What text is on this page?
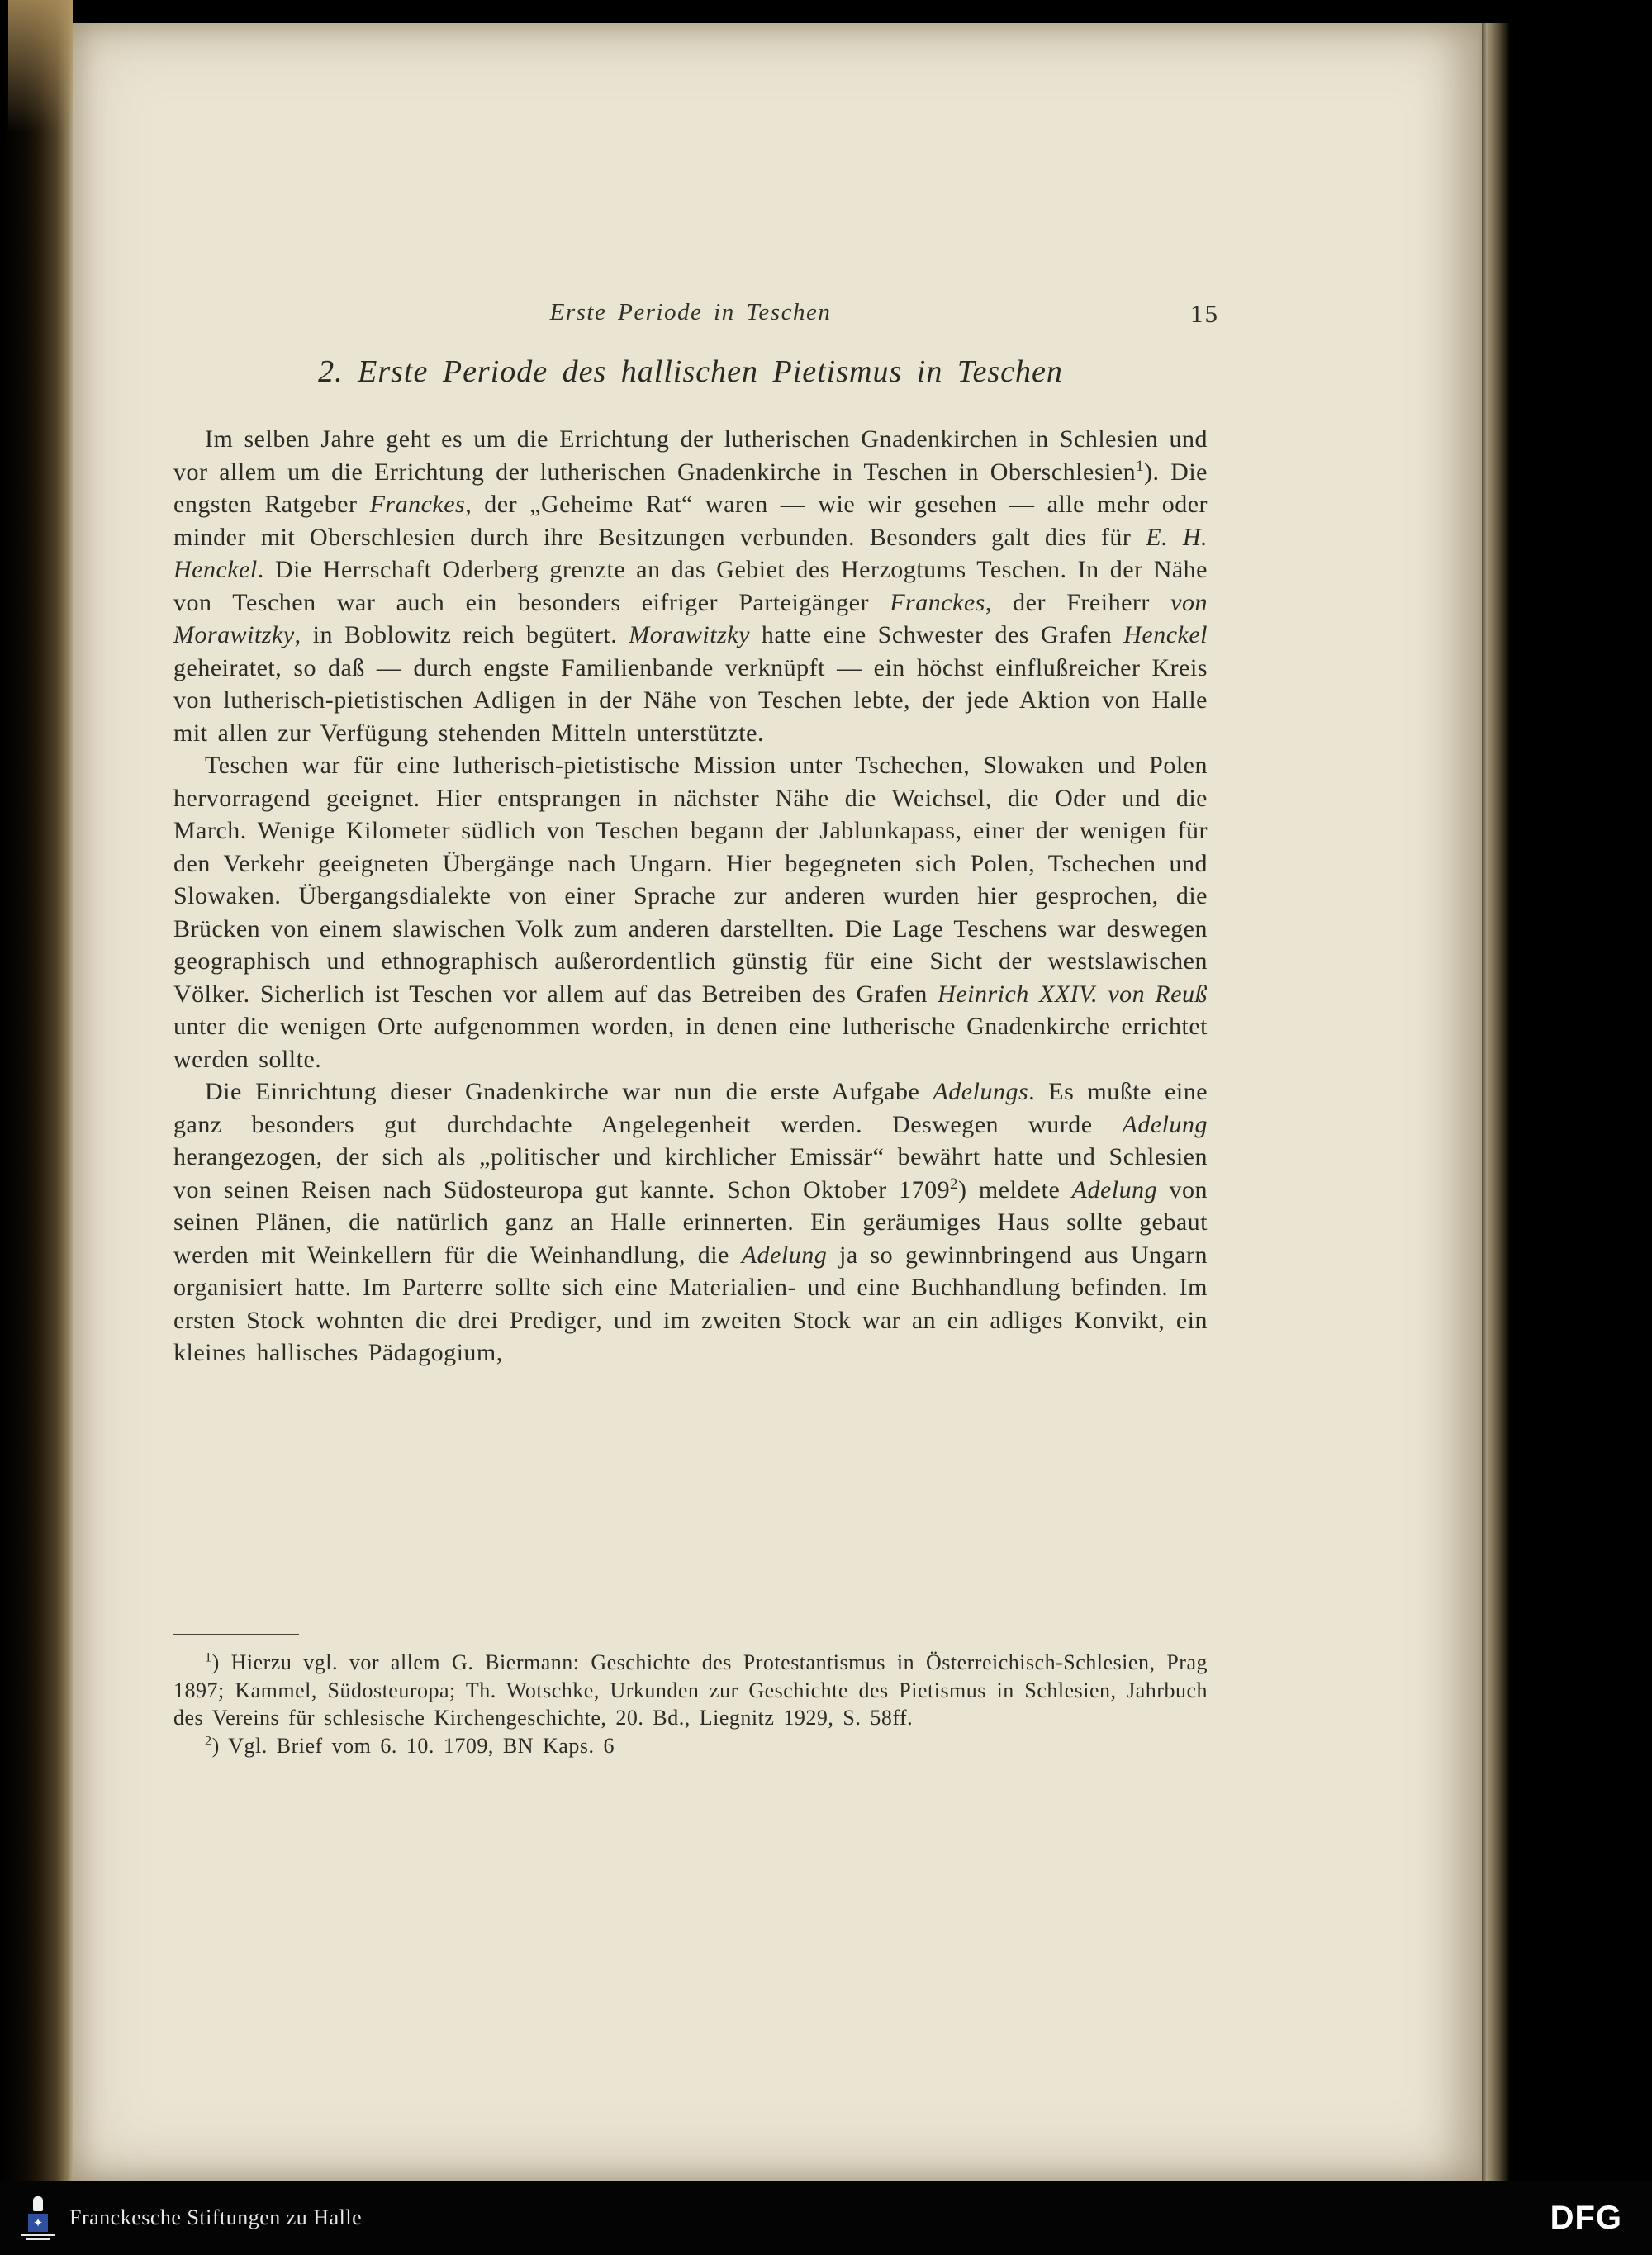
Erste Periode in Teschen	15
2. Erste Periode des hallischen Pietismus in Teschen

Im selben Jahre geht es um die Errichtung der lutherischen Gnadenkirchen in Schlesien und vor allem um die Errichtung der lutherischen Gnadenkirche in Teschen in Oberschlesien$^1$). Die engsten Ratgeber Franckes, der „Geheime Rat“ waren — wie wir gesehen — alle mehr oder minder mit Oberschlesien durch ihre Besitzungen verbunden. Besonders galt dies für E. H. Henckel. Die Herrschaft Oderberg grenzte an das Gebiet des Herzogtums Teschen. In der Nähe von Teschen war auch ein besonders eifriger Parteigänger Franckes, der Freiherr von Morawitzky, in Boblowitz reich begütert. Morawitzky hatte eine Schwester des Grafen Henckel geheiratet, so daß — durch engste Familienbande verknüpft — ein höchst einflußreicher Kreis von lutherisch-pietistischen Adligen in der Nähe von Teschen lebte, der jede Aktion von Halle mit allen zur Verfügung stehenden Mitteln unterstützte.

Teschen war für eine lutherisch-pietistische Mission unter Tschechen, Slowaken und Polen hervorragend geeignet. Hier entsprangen in nächster Nähe die Weichsel, die Oder und die March. Wenige Kilometer südlich von Teschen begann der Jablunkapass, einer der wenigen für den Verkehr geeigneten Übergänge nach Ungarn. Hier begegneten sich Polen, Tschechen und Slowaken. Übergangsdialekte von einer Sprache zur anderen wurden hier gesprochen, die Brücken von einem slawischen Volk zum anderen darstellten. Die Lage Teschens war deswegen geographisch und ethnographisch außerordentlich günstig für eine Sicht der westslawischen Völker. Sicherlich ist Teschen vor allem auf das Betreiben des Grafen Heinrich XXIV. von Reuß unter die wenigen Orte aufgenommen worden, in denen eine lutherische Gnadenkirche errichtet werden sollte.

Die Einrichtung dieser Gnadenkirche war nun die erste Aufgabe Adelungs. Es mußte eine ganz besonders gut durchdachte Angelegenheit werden. Deswegen wurde Adelung herangezogen, der sich als „politischer und kirchlicher Emissär“ bewährt hatte und Schlesien von seinen Reisen nach Südosteuropa gut kannte. Schon Oktober 1709$^2$) meldete Adelung von seinen Plänen, die natürlich ganz an Halle erinnerten. Ein geräumiges Haus sollte gebaut werden mit Weinkellern für die Weinhandlung, die Adelung ja so gewinnbringend aus Ungarn organisiert hatte. Im Parterre sollte sich eine Materialien- und eine Buchhandlung befinden. Im ersten Stock wohnten die drei Prediger, und im zweiten Stock war an ein adliges Konvikt, ein kleines hallisches Pädagogium,

$^1$) Hierzu vgl. vor allem G. Biermann: Geschichte des Protestantismus in Österreichisch-Schlesien, Prag 1897; Kammel, Südosteuropa; Th. Wotschke, Urkunden zur Geschichte des Pietismus in Schlesien, Jahrbuch des Vereins für schlesische Kirchengeschichte, 20. Bd., Liegnitz 1929, S. 58ff.

$^2$) Vgl. Brief vom 6. 10. 1709, BN Kaps. 6

✦ Franckesche Stiftungen zu Halle	DFG
